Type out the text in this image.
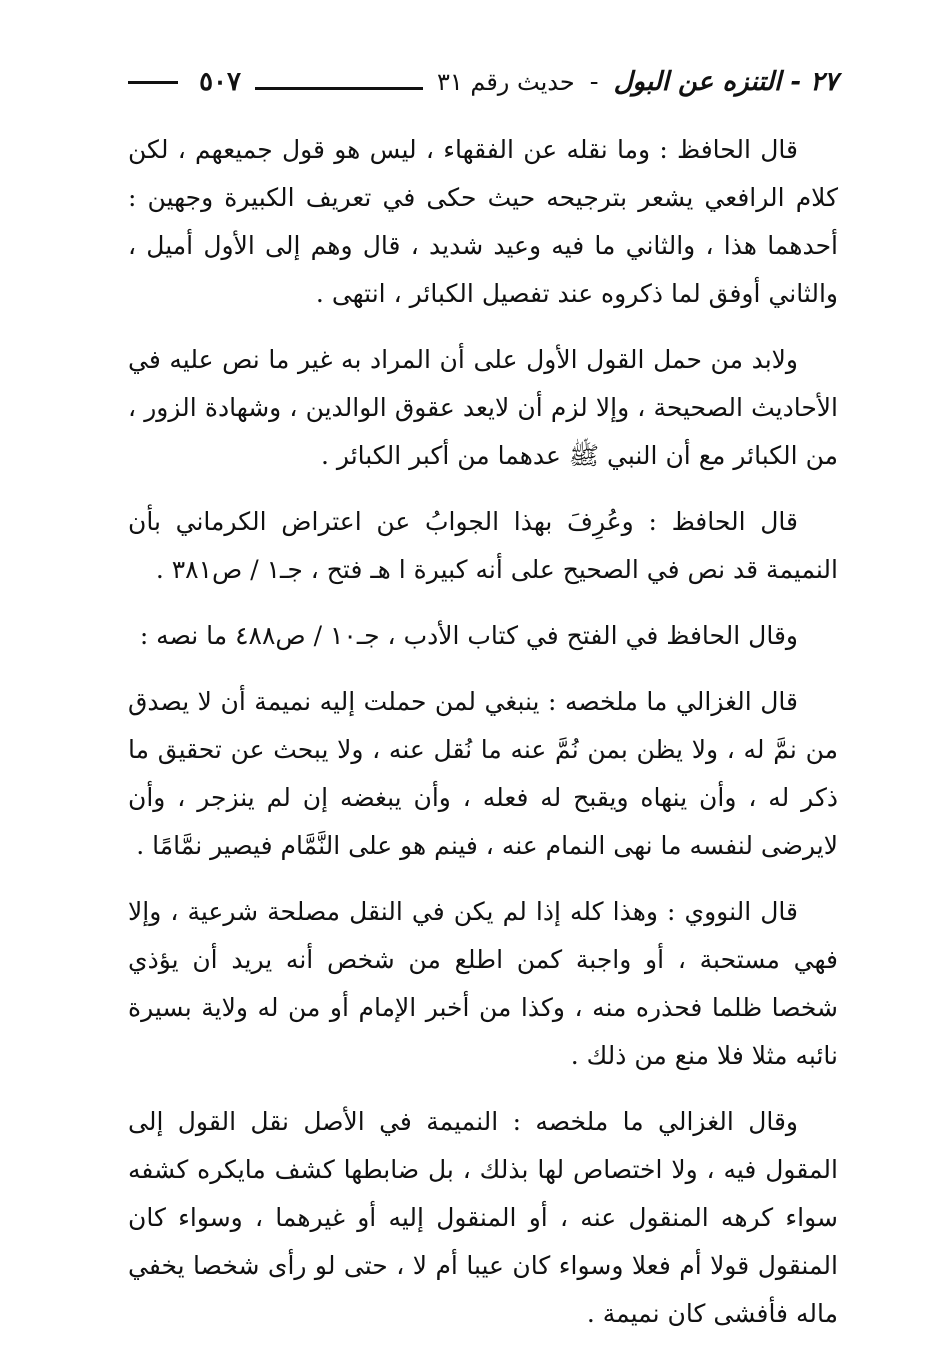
٢٧ - التنزه عن البول - حديث رقم ٣١
٥٠٧

قال الحافظ : وما نقله عن الفقهاء ، ليس هو قول جميعهم ، لكن كلام الرافعي يشعر بترجيحه حيث حكى في تعريف الكبيرة وجهين : أحدهما هذا ، والثاني ما فيه وعيد شديد ، قال وهم إلى الأول أميل ، والثاني أوفق لما ذكروه عند تفصيل الكبائر ، انتهى .

ولابد من حمل القول الأول على أن المراد به غير ما نص عليه في الأحاديث الصحيحة ، وإلا لزم أن لايعد عقوق الوالدين ، وشهادة الزور ، من الكبائر مع أن النبي ﷺ عدهما من أكبر الكبائر .

قال الحافظ : وعُرِفَ بهذا الجوابُ عن اعتراض الكرماني بأن النميمة قد نص في الصحيح على أنه كبيرة ا هـ فتح ، جـ١ / ص٣٨١ .

وقال الحافظ في الفتح في كتاب الأدب ، جـ١٠ / ص٤٨٨ ما نصه :

قال الغزالي ما ملخصه : ينبغي لمن حملت إليه نميمة أن لا يصدق من نمَّ له ، ولا يظن بمن نُمَّ عنه ما نُقل عنه ، ولا يبحث عن تحقيق ما ذكر له ، وأن ينهاه ويقبح له فعله ، وأن يبغضه إن لم ينزجر ، وأن لايرضى لنفسه ما نهى النمام عنه ، فينم هو على النَّمَّام فيصير نمَّامًا .

قال النووي : وهذا كله إذا لم يكن في النقل مصلحة شرعية ، وإلا فهي مستحبة ، أو واجبة كمن اطلع من شخص أنه يريد أن يؤذي شخصا ظلما فحذره منه ، وكذا من أخبر الإمام أو من له ولاية بسيرة نائبه مثلا فلا منع من ذلك .

وقال الغزالي ما ملخصه : النميمة في الأصل نقل القول إلى المقول فيه ، ولا اختصاص لها بذلك ، بل ضابطها كشف مايكره كشفه سواء كرهه المنقول عنه ، أو المنقول إليه أو غيرهما ، وسواء كان المنقول قولا أم فعلا وسواء كان عيبا أم لا ، حتى لو رأى شخصا يخفي ماله فأفشى كان نميمة .
